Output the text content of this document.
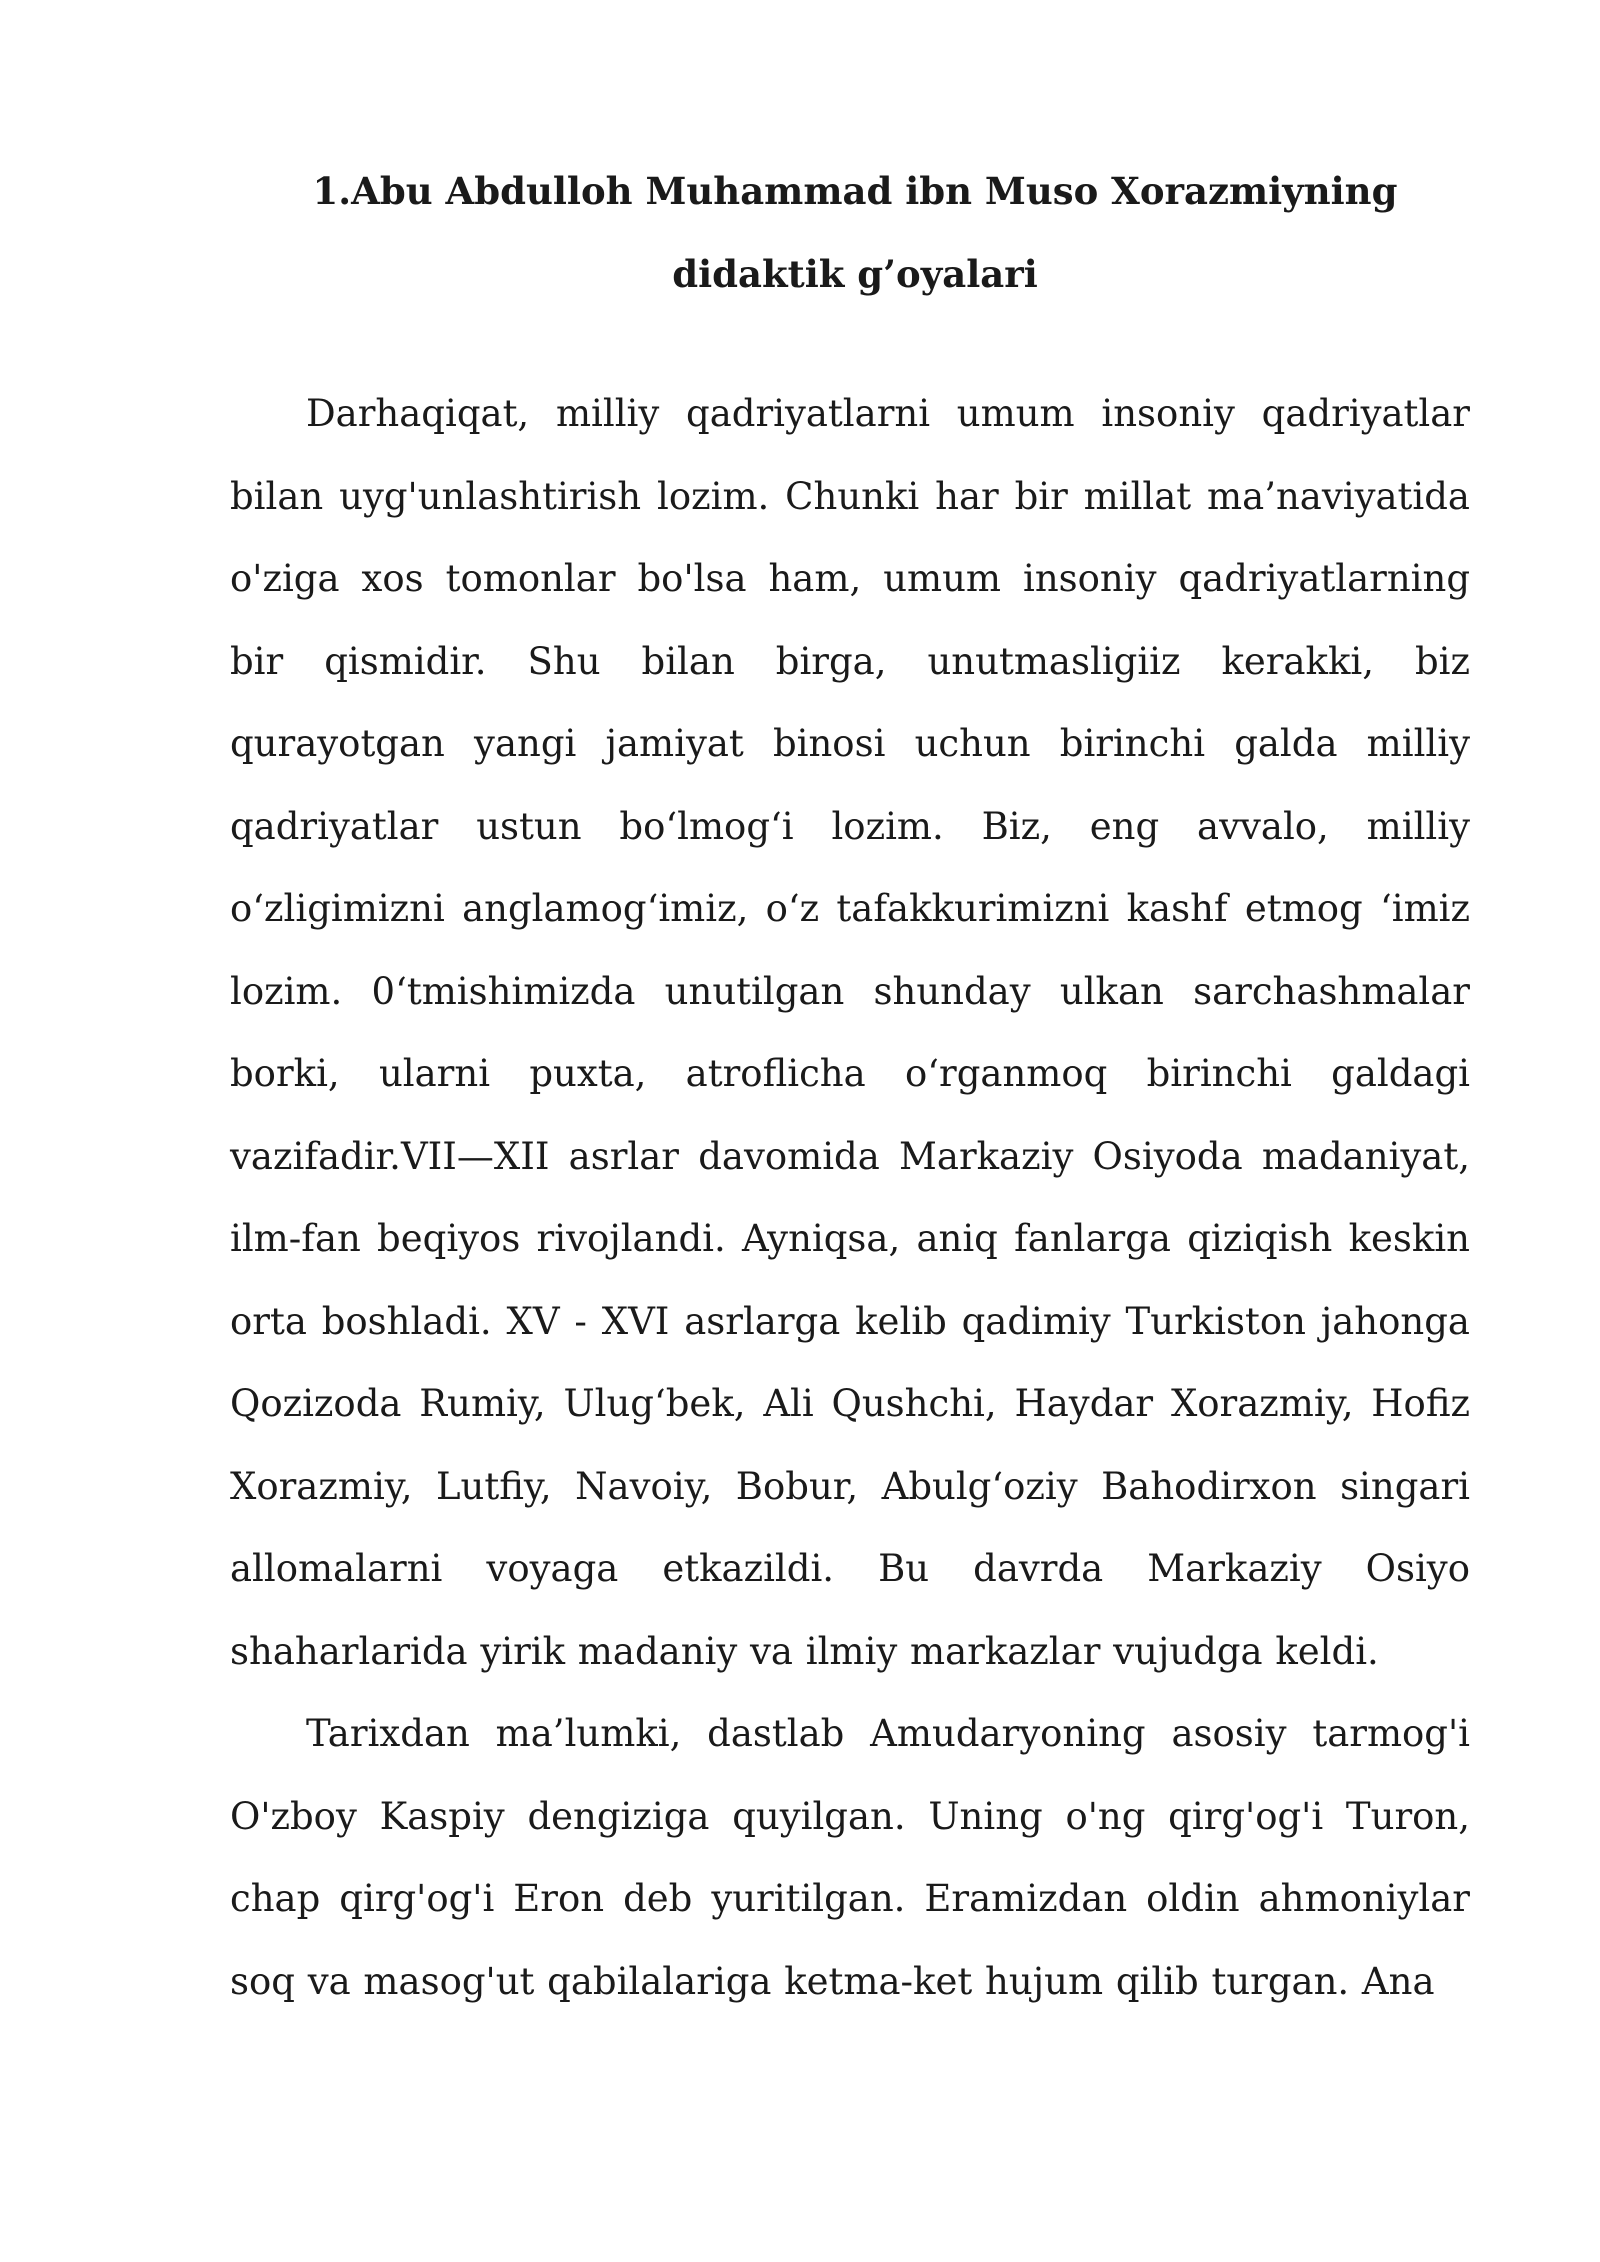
1.Abu Abdulloh Muhammad ibn Muso Xorazmiyning didaktik g’oyalari

Darhaqiqat, milliy qadriyatlarni umum insoniy qadriyatlar bilan uyg'unlashtirish lozim. Chunki har bir millat ma’naviyatida o'ziga xos tomonlar bo'lsa ham, umum insoniy qadriyatlarning bir qismidir. Shu bilan birga, unutmasligiiz kerakki, biz qurayotgan yangi jamiyat binosi uchun birinchi galda milliy qadriyatlar ustun bo‘lmog‘i lozim. Biz, eng avvalo, milliy o‘zligimizni anglamog‘imiz, o‘z tafakkurimizni kashf etmog ‘imiz lozim. 0‘tmishimizda unutilgan shunday ulkan sarchashmalar borki, ularni puxta, atroflicha o‘rganmoq birinchi galdagi vazifadir.VII—XII asrlar davomida Markaziy Osiyoda madaniyat, ilm-fan beqiyos rivojlandi. Ayniqsa, aniq fanlarga qiziqish keskin orta boshladi. XV - XVI asrlarga kelib qadimiy Turkiston jahonga Qozizoda Rumiy, Ulug‘bek, Ali Qushchi, Haydar Xorazmiy, Hofiz Xorazmiy, Lutfiy, Navoiy, Bobur, Abulg‘oziy Bahodirxon singari allomalarni voyaga etkazildi. Bu davrda Markaziy Osiyo shaharlarida yirik madaniy va ilmiy markazlar vujudga keldi.

Tarixdan ma’lumki, dastlab Amudaryoning asosiy tarmog'i O'zboy Kaspiy dengiziga quyilgan. Uning o'ng qirg'og'i Turon, chap qirg'og'i Eron deb yuritilgan. Eramizdan oldin ahmoniylar soq va masog'ut qabilalariga ketma-ket hujum qilib turgan. Ana
